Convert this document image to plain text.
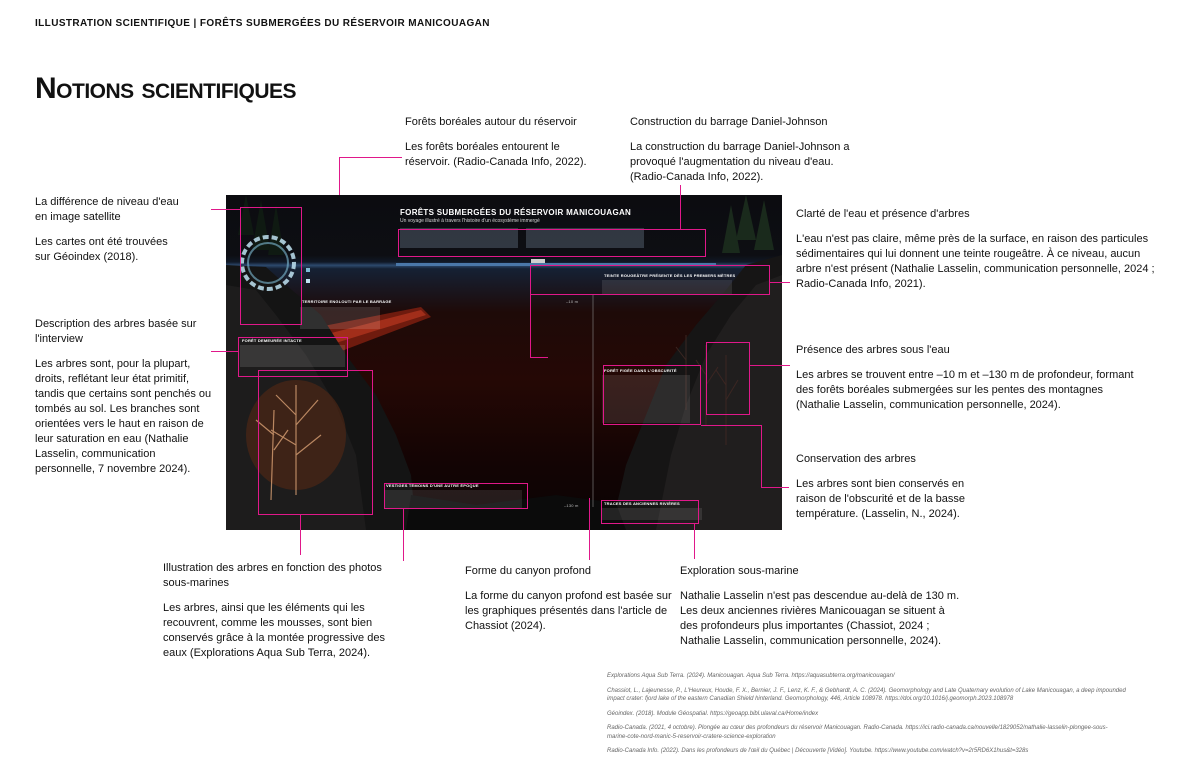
ILLUSTRATION SCIENTIFIQUE | FORÊTS SUBMERGÉES DU RÉSERVOIR MANICOUAGAN
Notions scientifiques
La différence de niveau d'eau en image satellite
Les cartes ont été trouvées sur Géoindex (2018).
Description des arbres basée sur l'interview
Les arbres sont, pour la plupart, droits, reflétant leur état primitif, tandis que certains sont penchés ou tombés au sol. Les branches sont orientées vers le haut en raison de leur saturation en eau (Nathalie Lasselin, communication personnelle, 7 novembre 2024).
Forêts boréales autour du réservoir
Les forêts boréales entourent le réservoir. (Radio-Canada Info, 2022).
Construction du barrage Daniel-Johnson
La construction du barrage Daniel-Johnson a provoqué l'augmentation du niveau d'eau. (Radio-Canada Info, 2022).
Clarté de l'eau et présence d'arbres
L'eau n'est pas claire, même près de la surface, en raison des particules sédimentaires qui lui donnent une teinte rougeâtre. À ce niveau, aucun arbre n'est présent (Nathalie Lasselin, communication personnelle, 2024 ; Radio-Canada Info, 2021).
Présence des arbres sous l'eau
Les arbres se trouvent entre –10 m et –130 m de profondeur, formant des forêts boréales submergées sur les pentes des montagnes (Nathalie Lasselin, communication personnelle, 2024).
Conservation des arbres
Les arbres sont bien conservés en raison de l'obscurité et de la basse température. (Lasselin, N., 2024).
Illustration des arbres en fonction des photos sous-marines
Les arbres, ainsi que les éléments qui les recouvrent, comme les mousses, sont bien conservés grâce à la montée progressive des eaux (Explorations Aqua Sub Terra, 2024).
Forme du canyon profond
La forme du canyon profond est basée sur les graphiques présentés dans l'article de Chassiot (2024).
Exploration sous-marine
Nathalie Lasselin n'est pas descendue au-delà de 130 m. Les deux anciennes rivières Manicouagan se situent à des profondeurs plus importantes (Chassiot, 2024 ; Nathalie Lasselin, communication personnelle, 2024).
FORÊTS SUBMERGÉES DU RÉSERVOIR MANICOUAGAN
Un voyage illustré à travers l'histoire d'un écosystème immergé
TERRITOIRE ENGLOUTI PAR LE BARRAGE
FORÊT DEMEURÉE INTACTE
TEINTE ROUGEÂTRE PRÉSENTE DÈS LES PREMIERS MÈTRES
FORÊT FIGÉE DANS L'OBSCURITÉ
VESTIGES TÉMOINS D'UNE AUTRE ÉPOQUE
TRACES DES ANCIENNES RIVIÈRES
–10 m
–130 m

Explorations Aqua Sub Terra. (2024). Manicouagan. Aqua Sub Terra. https://aquasubterra.org/manicouagan/

Chassiot, L., Lajeunesse, P., L'Heureux, Houde, F. X., Bernier, J. F., Lenz, K. F., & Gebhardt, A. C. (2024). Geomorphology and Late Quaternary evolution of Lake Manicouagan, a deep impounded impact crater: fjord lake of the eastern Canadian Shield hinterland. Geomorphology, 446, Article 108978. https://doi.org/10.1016/j.geomorph.2023.108978

Géoindex. (2018). Module Géospatial. https://geoapp.bibl.ulaval.ca/Home/index

Radio-Canada. (2021, 4 octobre). Plongée au cœur des profondeurs du réservoir Manicouagan. Radio-Canada. https://ici.radio-canada.ca/nouvelle/1829052/nathalie-lasselin-plongee-sous-marine-cote-nord-manic-5-reservoir-cratere-science-exploration

Radio-Canada Info. (2022). Dans les profondeurs de l'œil du Québec | Découverte [Vidéo]. Youtube. https://www.youtube.com/watch?v=2r5RD6X1hus&t=328s
